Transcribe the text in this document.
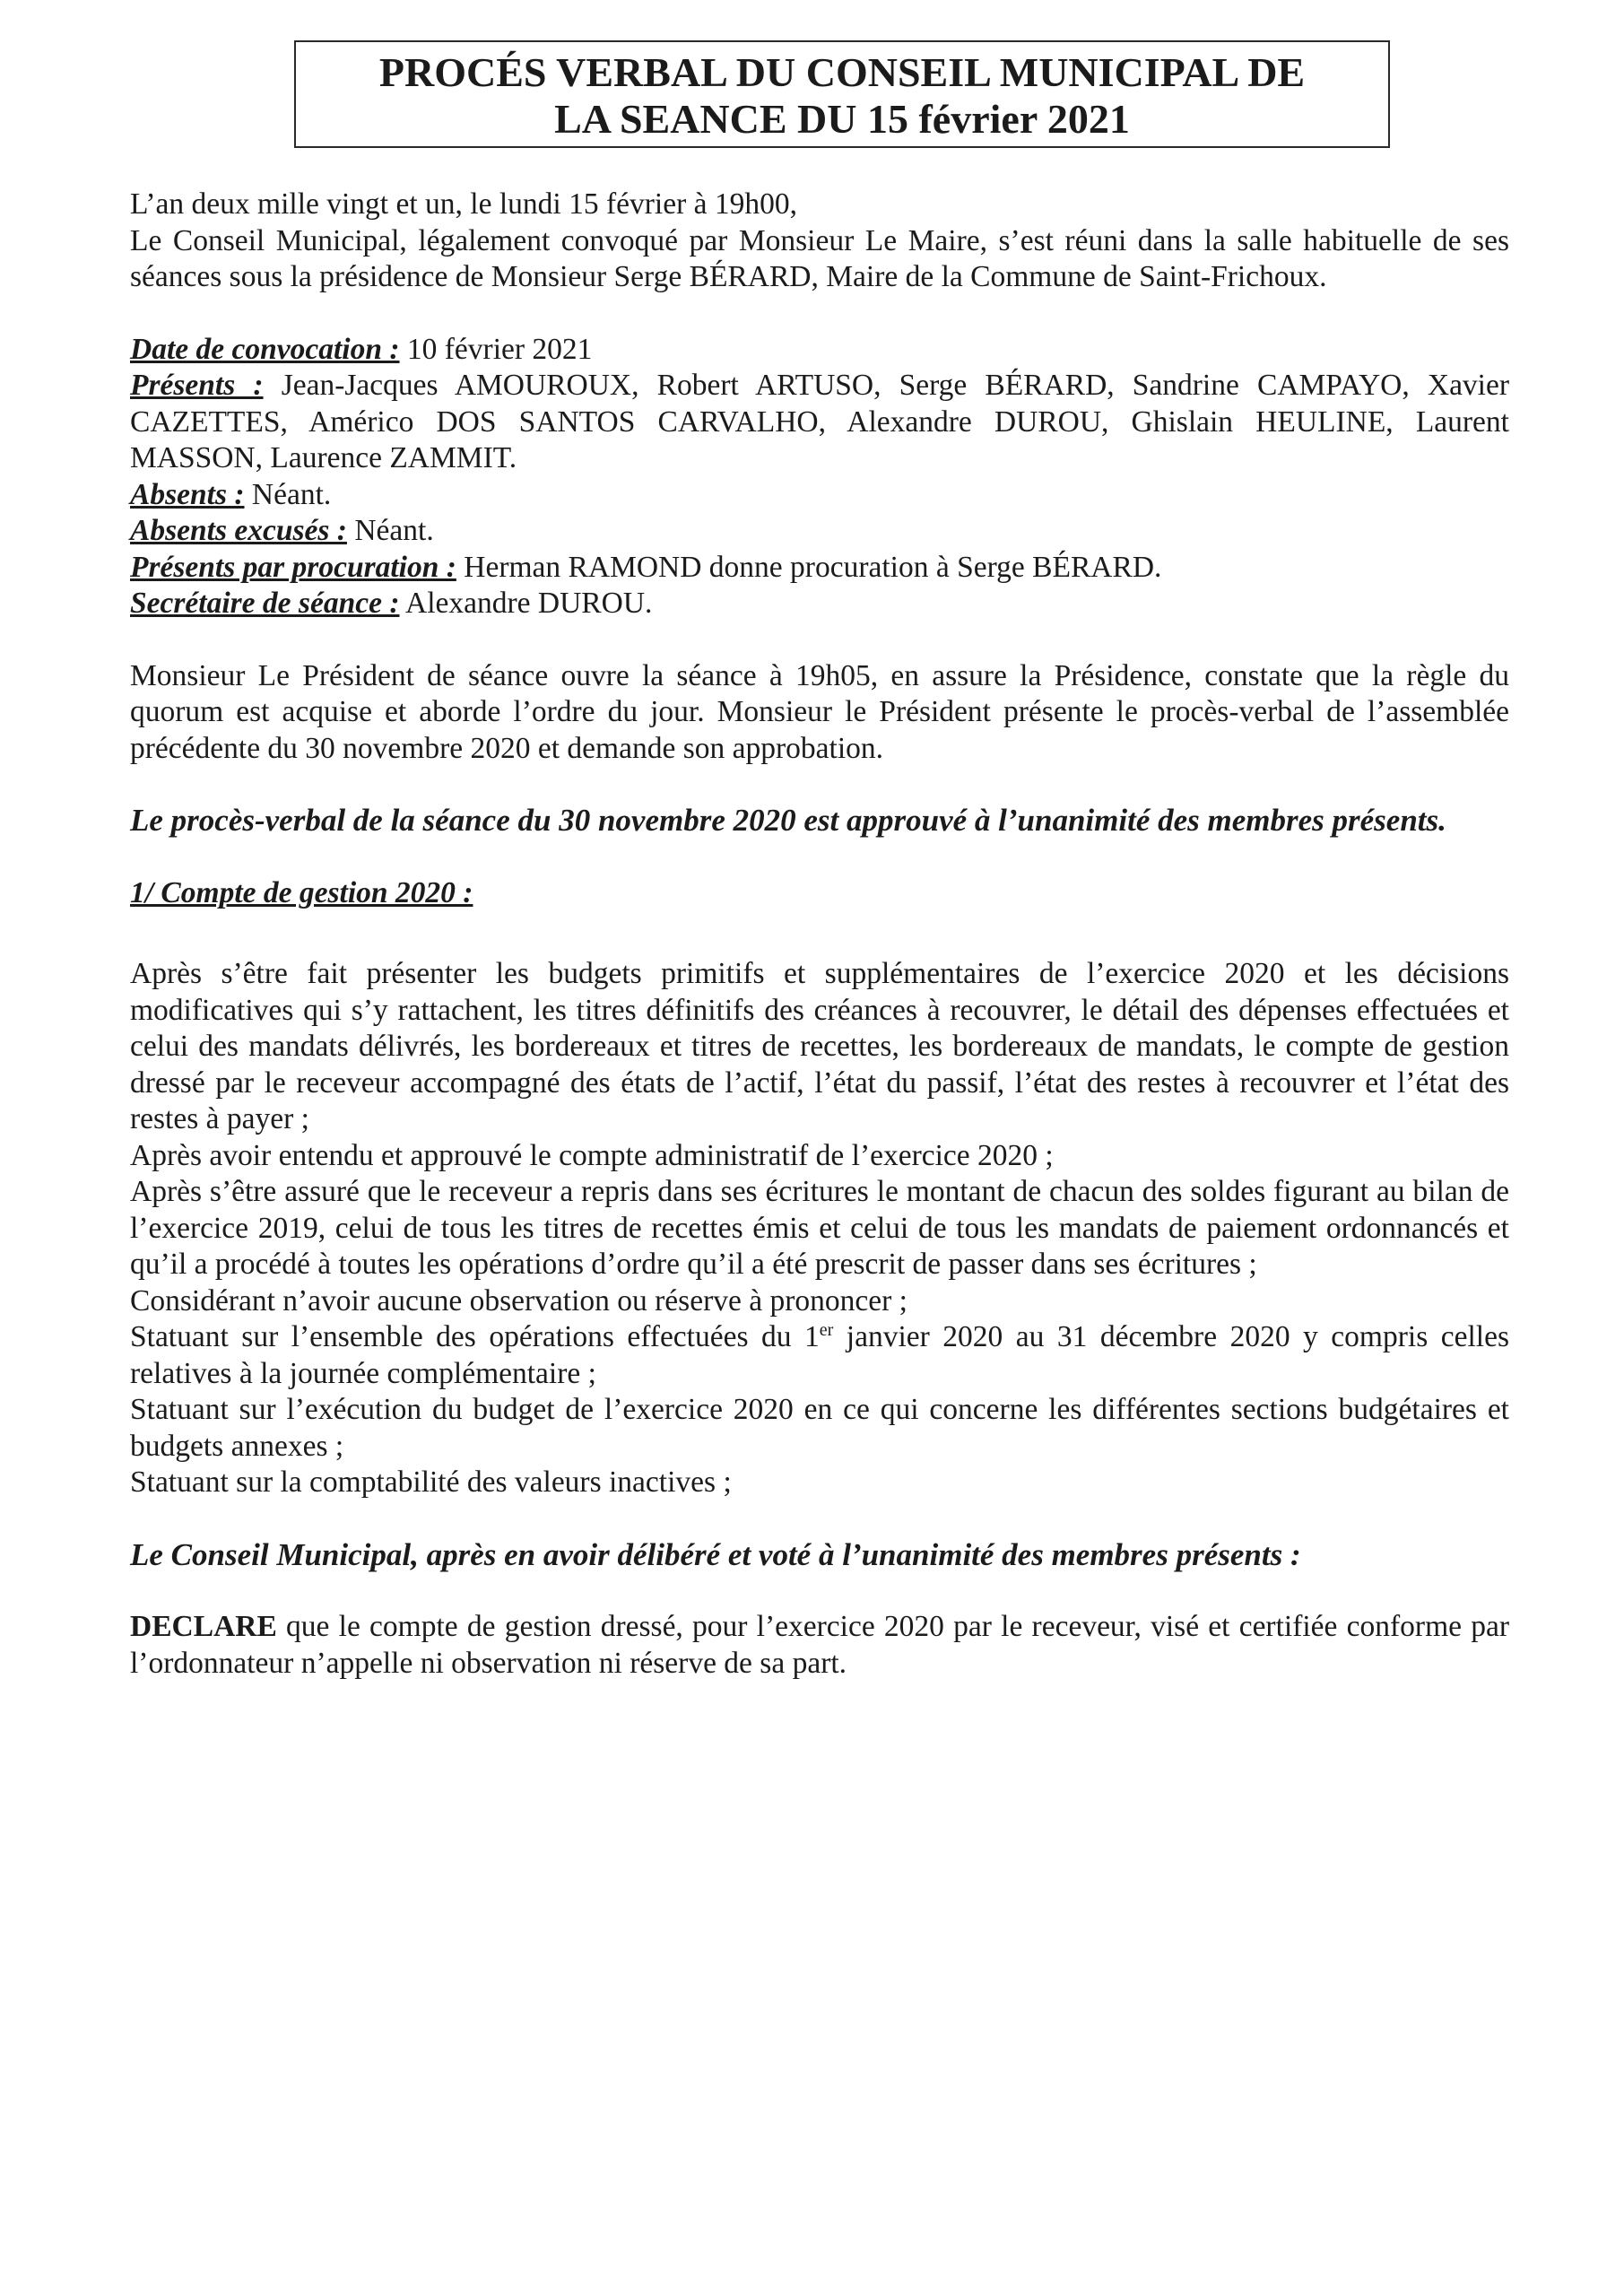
PROCÉS VERBAL DU CONSEIL MUNICIPAL DE
LA SEANCE DU 15 février 2021

L’an deux mille vingt et un, le lundi 15 février à 19h00,

Le Conseil Municipal, légalement convoqué par Monsieur Le Maire, s’est réuni dans la salle habituelle de ses séances sous la présidence de Monsieur Serge BÉRARD, Maire de la Commune de Saint-Frichoux.

Date de convocation : 10 février 2021

Présents : Jean-Jacques AMOUROUX, Robert ARTUSO, Serge BÉRARD, Sandrine CAMPAYO, Xavier CAZETTES, Américo DOS SANTOS CARVALHO, Alexandre DUROU, Ghislain HEULINE, Laurent MASSON, Laurence ZAMMIT.

Absents : Néant.

Absents excusés : Néant.

Présents par procuration : Herman RAMOND donne procuration à Serge BÉRARD.

Secrétaire de séance : Alexandre DUROU.

Monsieur Le Président de séance ouvre la séance à 19h05, en assure la Présidence, constate que la règle du quorum est acquise et aborde l’ordre du jour. Monsieur le Président présente le procès-verbal de l’assemblée précédente du 30 novembre 2020 et demande son approbation.

Le procès-verbal de la séance du 30 novembre 2020 est approuvé à l’unanimité des membres présents.

1/ Compte de gestion 2020 :

Après s’être fait présenter les budgets primitifs et supplémentaires de l’exercice 2020 et les décisions modificatives qui s’y rattachent, les titres définitifs des créances à recouvrer, le détail des dépenses effectuées et celui des mandats délivrés, les bordereaux et titres de recettes, les bordereaux de mandats, le compte de gestion dressé par le receveur accompagné des états de l’actif, l’état du passif, l’état des restes à recouvrer et l’état des restes à payer ;

Après avoir entendu et approuvé le compte administratif de l’exercice 2020 ;

Après s’être assuré que le receveur a repris dans ses écritures le montant de chacun des soldes figurant au bilan de l’exercice 2019, celui de tous les titres de recettes émis et celui de tous les mandats de paiement ordonnancés et qu’il a procédé à toutes les opérations d’ordre qu’il a été prescrit de passer dans ses écritures ;

Considérant n’avoir aucune observation ou réserve à prononcer ;

Statuant sur l’ensemble des opérations effectuées du 1er janvier 2020 au 31 décembre 2020 y compris celles relatives à la journée complémentaire ;

Statuant sur l’exécution du budget de l’exercice 2020 en ce qui concerne les différentes sections budgétaires et budgets annexes ;

Statuant sur la comptabilité des valeurs inactives ;

Le Conseil Municipal, après en avoir délibéré et voté à l’unanimité des membres présents :

DECLARE que le compte de gestion dressé, pour l’exercice 2020 par le receveur, visé et certifiée conforme par l’ordonnateur n’appelle ni observation ni réserve de sa part.
